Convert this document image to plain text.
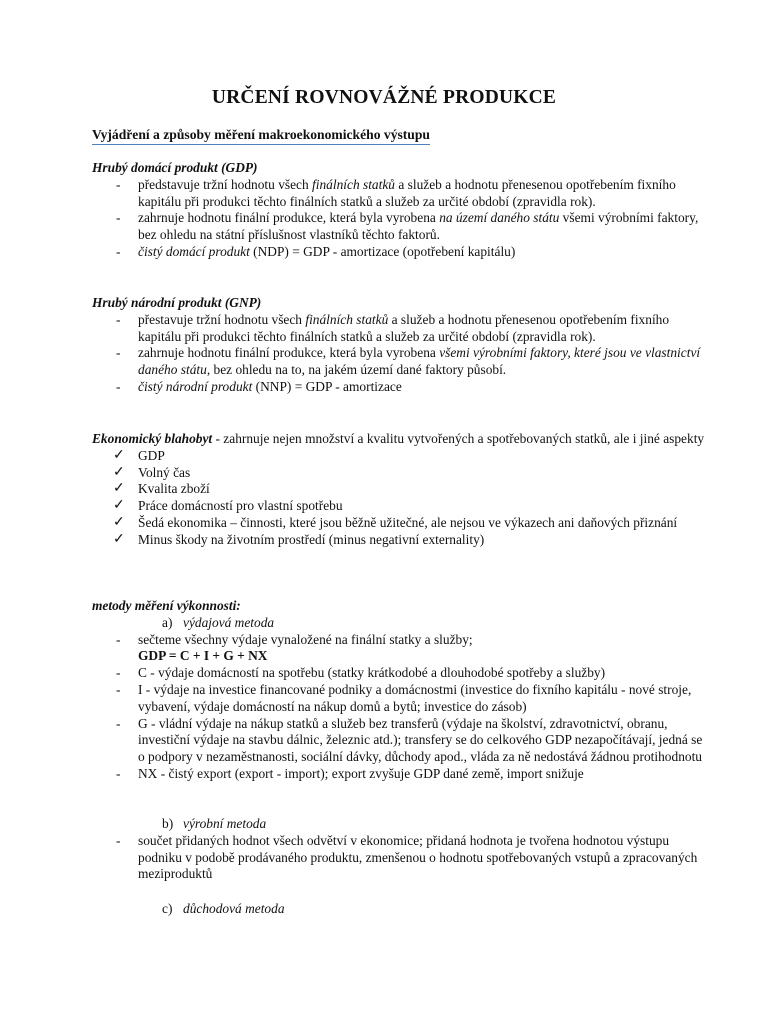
URČENÍ ROVNOVÁŽNÉ PRODUKCE
Vyjádření a způsoby měření makroekonomického výstupu
Hrubý domácí produkt (GDP)
- představuje tržní hodnotu všech finálních statků a služeb a hodnotu přenesenou opotřebením fixního kapitálu při produkci těchto finálních statků a služeb za určité období (zpravidla rok).
- zahrnuje hodnotu finální produkce, která byla vyrobena na území daného státu všemi výrobními faktory, bez ohledu na státní příslušnost vlastníků těchto faktorů.
- čistý domácí produkt (NDP) = GDP - amortizace (opotřebení kapitálu)
Hrubý národní produkt (GNP)
- přestavuje tržní hodnotu všech finálních statků a služeb a hodnotu přenesenou opotřebením fixního kapitálu při produkci těchto finálních statků a služeb za určité období (zpravidla rok).
- zahrnuje hodnotu finální produkce, která byla vyrobena všemi výrobními faktory, které jsou ve vlastnictví daného státu, bez ohledu na to, na jakém území dané faktory působí.
- čistý národní produkt (NNP) = GDP - amortizace
Ekonomický blahobyt - zahrnuje nejen množství a kvalitu vytvořených a spotřebovaných statků, ale i jiné aspekty
✓ GDP
✓ Volný čas
✓ Kvalita zboží
✓ Práce domácností pro vlastní spotřebu
✓ Šedá ekonomika – činnosti, které jsou běžně užitečné, ale nejsou ve výkazech ani daňových přiznání
✓ Minus škody na životním prostředí (minus negativní externality)
metody měření výkonnosti:
a) výdajová metoda
- sečteme všechny výdaje vynaložené na finální statky a služby;
GDP = C + I + G + NX
- C - výdaje domácností na spotřebu (statky krátkodobé a dlouhodobé spotřeby a služby)
- I - výdaje na investice financované podniky a domácnostmi (investice do fixního kapitálu - nové stroje, vybavení, výdaje domácností na nákup domů a bytů; investice do zásob)
- G - vládní výdaje na nákup statků a služeb bez transferů (výdaje na školství, zdravotnictví, obranu, investiční výdaje na stavbu dálnic, železnic atd.); transfery se do celkového GDP nezapočítávají, jedná se o podpory v nezaměstnanosti, sociální dávky, důchody apod., vláda za ně nedostává žádnou protihodnotu
- NX - čistý export (export - import); export zvyšuje GDP dané země, import snižuje
b) výrobní metoda
- součet přidaných hodnot všech odvětví v ekonomice; přidaná hodnota je tvořena hodnotou výstupu podniku v podobě prodávaného produktu, zmenšenou o hodnotu spotřebovaných vstupů a zpracovaných meziproduktů
c) důchodová metoda
